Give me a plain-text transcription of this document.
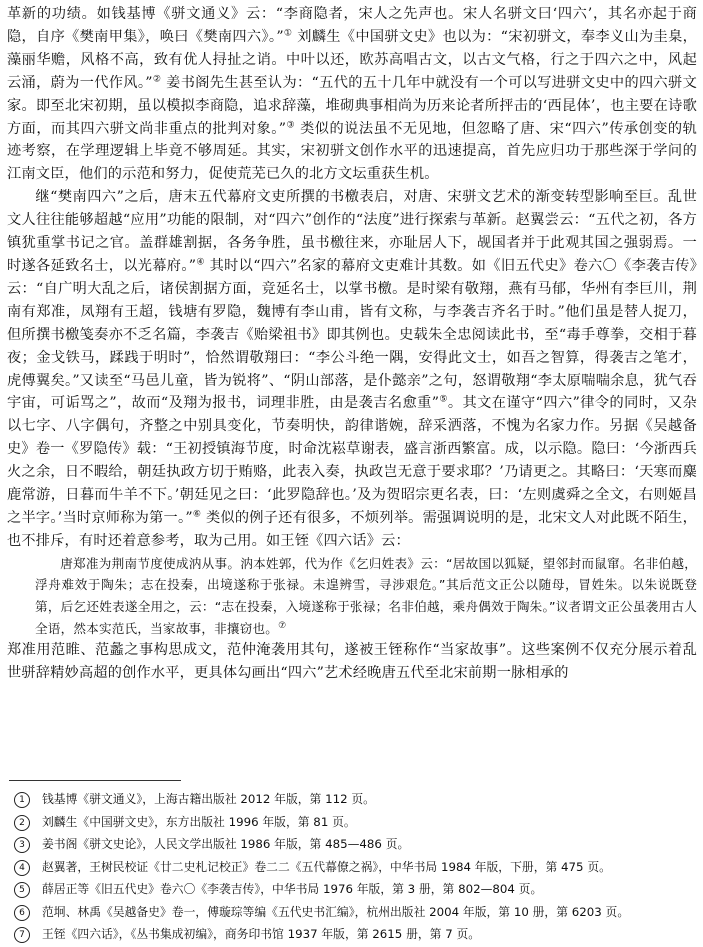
革新的功绩。如钱基博《骈文通义》云：“李商隐者，宋人之先声也。宋人名骈文曰‘四六’，其名亦起于商隐，自序《樊南甲集》，唤曰《樊南四六》。”① 刘麟生《中国骈文史》也以为：“宋初骈文，奉李义山为圭臬，藻丽华赡，风格不高，致有优人挦扯之诮。中叶以还，欧苏高唱古文，以古文气格，行之于四六之中，风起云涌，蔚为一代作风。”② 姜书阁先生甚至认为：“五代的五十几年中就没有一个可以写进骈文史中的四六骈文家。即至北宋初期，虽以模拟李商隐，追求辞藻，堆砌典事相尚为历来论者所抨击的‘西昆体’，也主要在诗歌方面，而其四六骈文尚非重点的批判对象。”③ 类似的说法虽不无见地，但忽略了唐、宋“四六”传承创变的轨迹考察，在学理逻辑上毕竟不够周延。其实，宋初骈文创作水平的迅速提高，首先应归功于那些深于学问的江南文臣，他们的示范和努力，促使荒芜已久的北方文坛重获生机。

继“樊南四六”之后，唐末五代幕府文吏所撰的书檄表启，对唐、宋骈文艺术的渐变转型影响至巨。乱世文人往往能够超越“应用”功能的限制，对“四六”创作的“法度”进行探索与革新。赵翼尝云：“五代之初，各方镇犹重掌书记之官。盖群雄割据，各务争胜，虽书檄往来，亦耻居人下，觇国者并于此观其国之强弱焉。一时遂各延致名士，以光幕府。”④ 其时以“四六”名家的幕府文吏难计其数。如《旧五代史》卷六〇《李袭吉传》云：“自广明大乱之后，诸侯割据方面，竞延名士，以掌书檄。是时梁有敬翔，燕有马郁，华州有李巨川，荆南有郑准，凤翔有王超，钱塘有罗隐，魏博有李山甫，皆有文称，与李袭吉齐名于时。”他们虽是替人捉刀，但所撰书檄笺奏亦不乏名篇，李袭吉《贻梁祖书》即其例也。史载朱全忠阅读此书，至“毒手尊拳，交相于暮夜；金戈铁马，蹂践于明时”，恰然谓敬翔曰：“李公斗绝一隅，安得此文士，如吾之智算，得袭吉之笔才，虎傅翼矣。”又读至“马邑儿童，皆为锐将”、“阴山部落，是仆懿亲”之句，怒谓敬翔“李太原喘喘余息，犹气吞宇宙，可诟骂之”，故而“及翔为报书，词理非胜，由是袭吉名愈重”⑤。其文在谨守“四六”律令的同时，又杂以七字、八字偶句，齐整之中别具变化，节奏明快，韵律谐婉，辞采洒落，不愧为名家力作。另据《吴越备史》卷一《罗隐传》载：“王初授镇海节度，时命沈崧草谢表，盛言浙西繁富。成，以示隐。隐曰：‘今浙西兵火之余，日不暇给，朝廷执政方切于贿赂，此表入奏，执政岂无意于要求耶？’乃请更之。其略曰：‘天寒而麋鹿常游，日暮而牛羊不下。’朝廷见之曰：‘此罗隐辞也。’及为贺昭宗更名表，曰：‘左则虞舜之全文，右则姬昌之半字。’当时京师称为第一。”⑥ 类似的例子还有很多，不烦列举。需强调说明的是，北宋文人对此既不陌生，也不排斥，有时还着意参考，取为己用。如王铚《四六话》云：

唐郑准为荆南节度使成汭从事。汭本姓郭，代为作《乞归姓表》云：“居故国以狐疑，望邻封而鼠窜。名非伯越，浮舟难效于陶朱；志在投秦，出境遂称于张禄。未遑辨雪，寻涉艰危。”其后范文正公以随母，冒姓朱。以朱说既登第，后乞还姓表遂全用之，云：“志在投秦，入境遂称于张禄；名非伯越，乘舟偶效于陶朱。”议者谓文正公虽袭用古人全语，然本实范氏，当家故事，非攘窃也。⑦

郑准用范睢、范蠡之事构思成文，范仲淹袭用其句，遂被王铚称作“当家故事”。这些案例不仅充分展示着乱世骈辞精妙高超的创作水平，更具体勾画出“四六”艺术经晚唐五代至北宋前期一脉相承的

1	钱基博《骈文通义》，上海古籍出版社 2012 年版，第 112 页。
2	刘麟生《中国骈文史》，东方出版社 1996 年版，第 81 页。
3	姜书阁《骈文史论》，人民文学出版社 1986 年版，第 485—486 页。
4	赵翼著，王树民校证《廿二史札记校正》卷二二《五代幕僚之祸》，中华书局 1984 年版，下册，第 475 页。
5	薛居正等《旧五代史》卷六〇《李袭吉传》，中华书局 1976 年版，第 3 册，第 802—804 页。
6	范坰、林禹《吴越备史》卷一，傅璇琮等编《五代史书汇编》，杭州出版社 2004 年版，第 10 册，第 6203 页。
7	王铚《四六话》，《丛书集成初编》，商务印书馆 1937 年版，第 2615 册，第 7 页。
